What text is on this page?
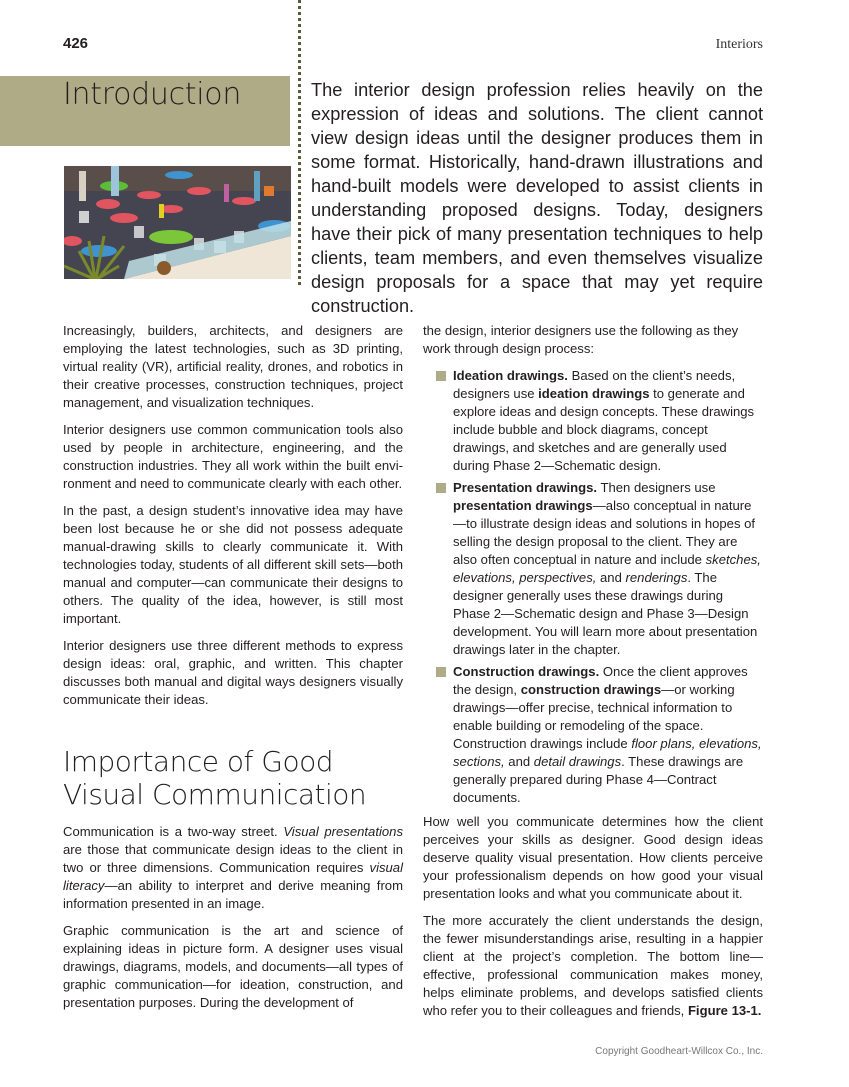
426	Interiors
Introduction	The interior design profession relies heavily on the expression of ideas and solutions. The client cannot view design ideas until the designer produces them in some format. Historically, hand-drawn illustrations and hand-built models were developed to assist clients in understanding proposed designs. Today, designers have their pick of many presentation techniques to help clients, team members, and even themselves visualize design proposals for a space that may yet require construction.

Increasingly, builders, architects, and designers are employing the latest technologies, such as 3D printing, virtual reality (VR), artificial reality, drones, and robotics in their creative processes, construction techniques, project management, and visualization techniques.

Interior designers use common communication tools also used by people in architecture, engineering, and the construction industries. They all work within the built environment and need to communicate clearly with each other.

In the past, a design student’s innovative idea may have been lost because he or she did not possess adequate manual-drawing skills to clearly communicate it. With technologies today, students of all different skill sets—both manual and computer—can communicate their designs to others. The quality of the idea, however, is still most important.

Interior designers use three different methods to express design ideas: oral, graphic, and written. This chapter discusses both manual and digital ways designers visually communicate their ideas.

Importance of Good Visual Communication

Communication is a two-way street. Visual presentations are those that communicate design ideas to the client in two or three dimensions. Communication requires visual literacy—an ability to interpret and derive meaning from information presented in an image.

Graphic communication is the art and science of explaining ideas in picture form. A designer uses visual drawings, diagrams, models, and documents—all types of graphic communication—for ideation, construction, and presentation purposes. During the development of

the design, interior designers use the following as they work through design process:

Ideation drawings. Based on the client’s needs, designers use ideation drawings to generate and explore ideas and design concepts. These drawings include bubble and block diagrams, concept drawings, and sketches and are generally used during Phase 2—Schematic design.
Presentation drawings. Then designers use presentation drawings—also conceptual in nature—to illustrate design ideas and solutions in hopes of selling the design proposal to the client. They are also often conceptual in nature and include sketches, elevations, perspectives, and renderings. The designer generally uses these drawings during Phase 2—Schematic design and Phase 3—Design development. You will learn more about presentation drawings later in the chapter.
Construction drawings. Once the client approves the design, construction drawings—or working drawings—offer precise, technical information to enable building or remodeling of the space. Construction drawings include floor plans, elevations, sections, and detail drawings. These drawings are generally prepared during Phase 4—Contract documents.

How well you communicate determines how the client perceives your skills as designer. Good design ideas deserve quality visual presentation. How clients perceive your professionalism depends on how good your visual presentation looks and what you communicate about it.

The more accurately the client understands the design, the fewer misunderstandings arise, resulting in a happier client at the project’s completion. The bottom line—effective, professional communication makes money, helps eliminate problems, and develops satisfied clients who refer you to their colleagues and friends, Figure 13-1.

Copyright Goodheart-Willcox Co., Inc.
